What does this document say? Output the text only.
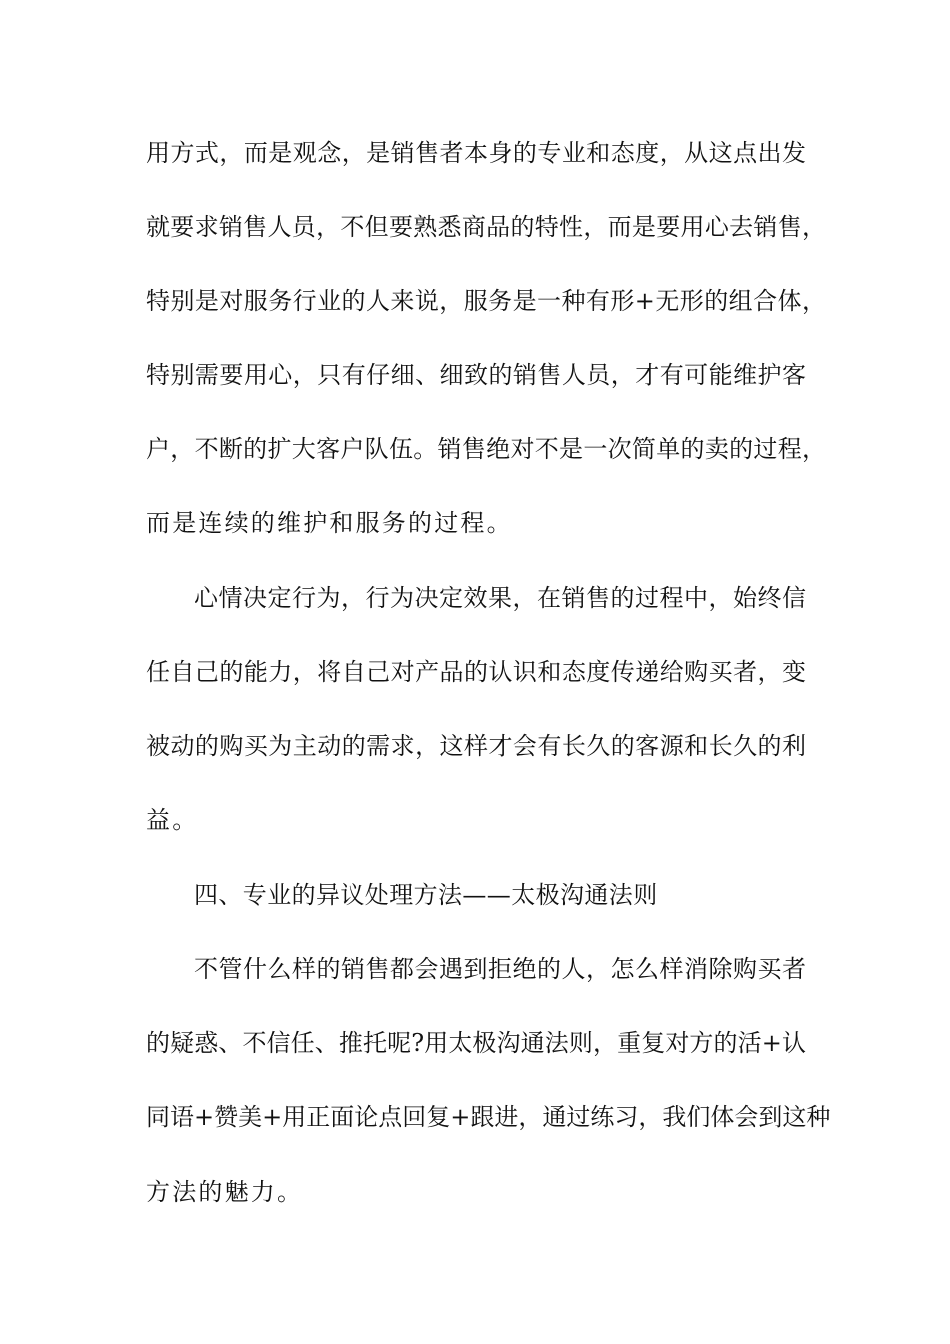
用方式，而是观念，是销售者本身的专业和态度，从这点出发
就要求销售人员，不但要熟悉商品的特性，而是要用心去销售，
特别是对服务行业的人来说，服务是一种有形+无形的组合体，
特别需要用心，只有仔细、细致的销售人员，才有可能维护客
户，不断的扩大客户队伍。销售绝对不是一次简单的卖的过程，
而是连续的维护和服务的过程。
心情决定行为，行为决定效果，在销售的过程中，始终信
任自己的能力，将自己对产品的认识和态度传递给购买者，变
被动的购买为主动的需求，这样才会有长久的客源和长久的利
益。
四、专业的异议处理方法——太极沟通法则
不管什么样的销售都会遇到拒绝的人，怎么样消除购买者
的疑惑、不信任、推托呢?用太极沟通法则，重复对方的活+认
同语+赞美+用正面论点回复+跟进，通过练习，我们体会到这种
方法的魅力。
